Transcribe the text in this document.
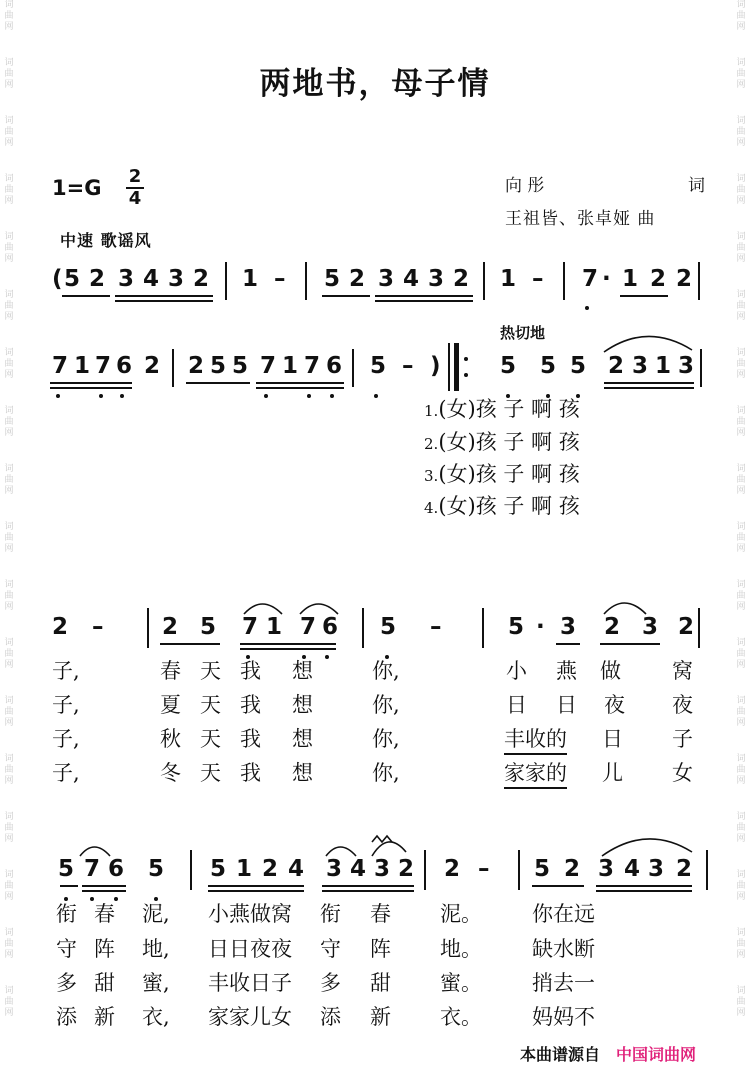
词
曲
网
词
曲
网
词
曲
网
词
曲
网
词
曲
网
词
曲
网
词
曲
网
词
曲
网
词
曲
网
词
曲
网
词
曲
网
词
曲
网
词
曲
网
词
曲
网
词
曲
网
词
曲
网
词
曲
网
词
曲
网
词
曲
网
词
曲
网
词
曲
网
词
曲
网
词
曲
网
词
曲
网
词
曲
网
词
曲
网
词
曲
网
词
曲
网
词
曲
网
词
曲
网
词
曲
网
词
曲
网
词
曲
网
词
曲
网
词
曲
网
词
曲
网
两地书，母子情
1=G 2
4
中速 歌谣风
向 彤	词
王祖皆、张卓娅 曲
热切地
( 5 2 3 4 3 2 1 – 5 2 3 4 3 2 1 – 7 · 1 2 2
7 1 7 6 2 2 5 5 7 1 7 6 5 – )	5 5 5 2 3 1 3
1.(女)孩 子 啊 孩
2.(女)孩 子 啊 孩
3.(女)孩 子 啊 孩
4.(女)孩 子 啊 孩
2 –	2 5 7 1 7 6 5 –	5 · 3 2 3 2
5 7 6 5 5 1 2 4 3 4 3 2 2 – 5 2 3 4 3 2
子,	春 天 我 想	你,	小 燕 做 窝
子,	夏 天 我 想	你,	日 日 夜 夜
子,	秋 天 我 想	你,	丰收的 日 子
子,	冬 天 我 想	你,	家家的 儿 女
衔 春 泥, 小燕做窝 衔 春 泥。 你在远
守 阵 地, 日日夜夜 守 阵 地。 缺水断
多 甜 蜜, 丰收日子 多 甜 蜜。 捎去一
添 新 衣, 家家儿女 添 新 衣。 妈妈不
本曲谱源自 中国词曲网
